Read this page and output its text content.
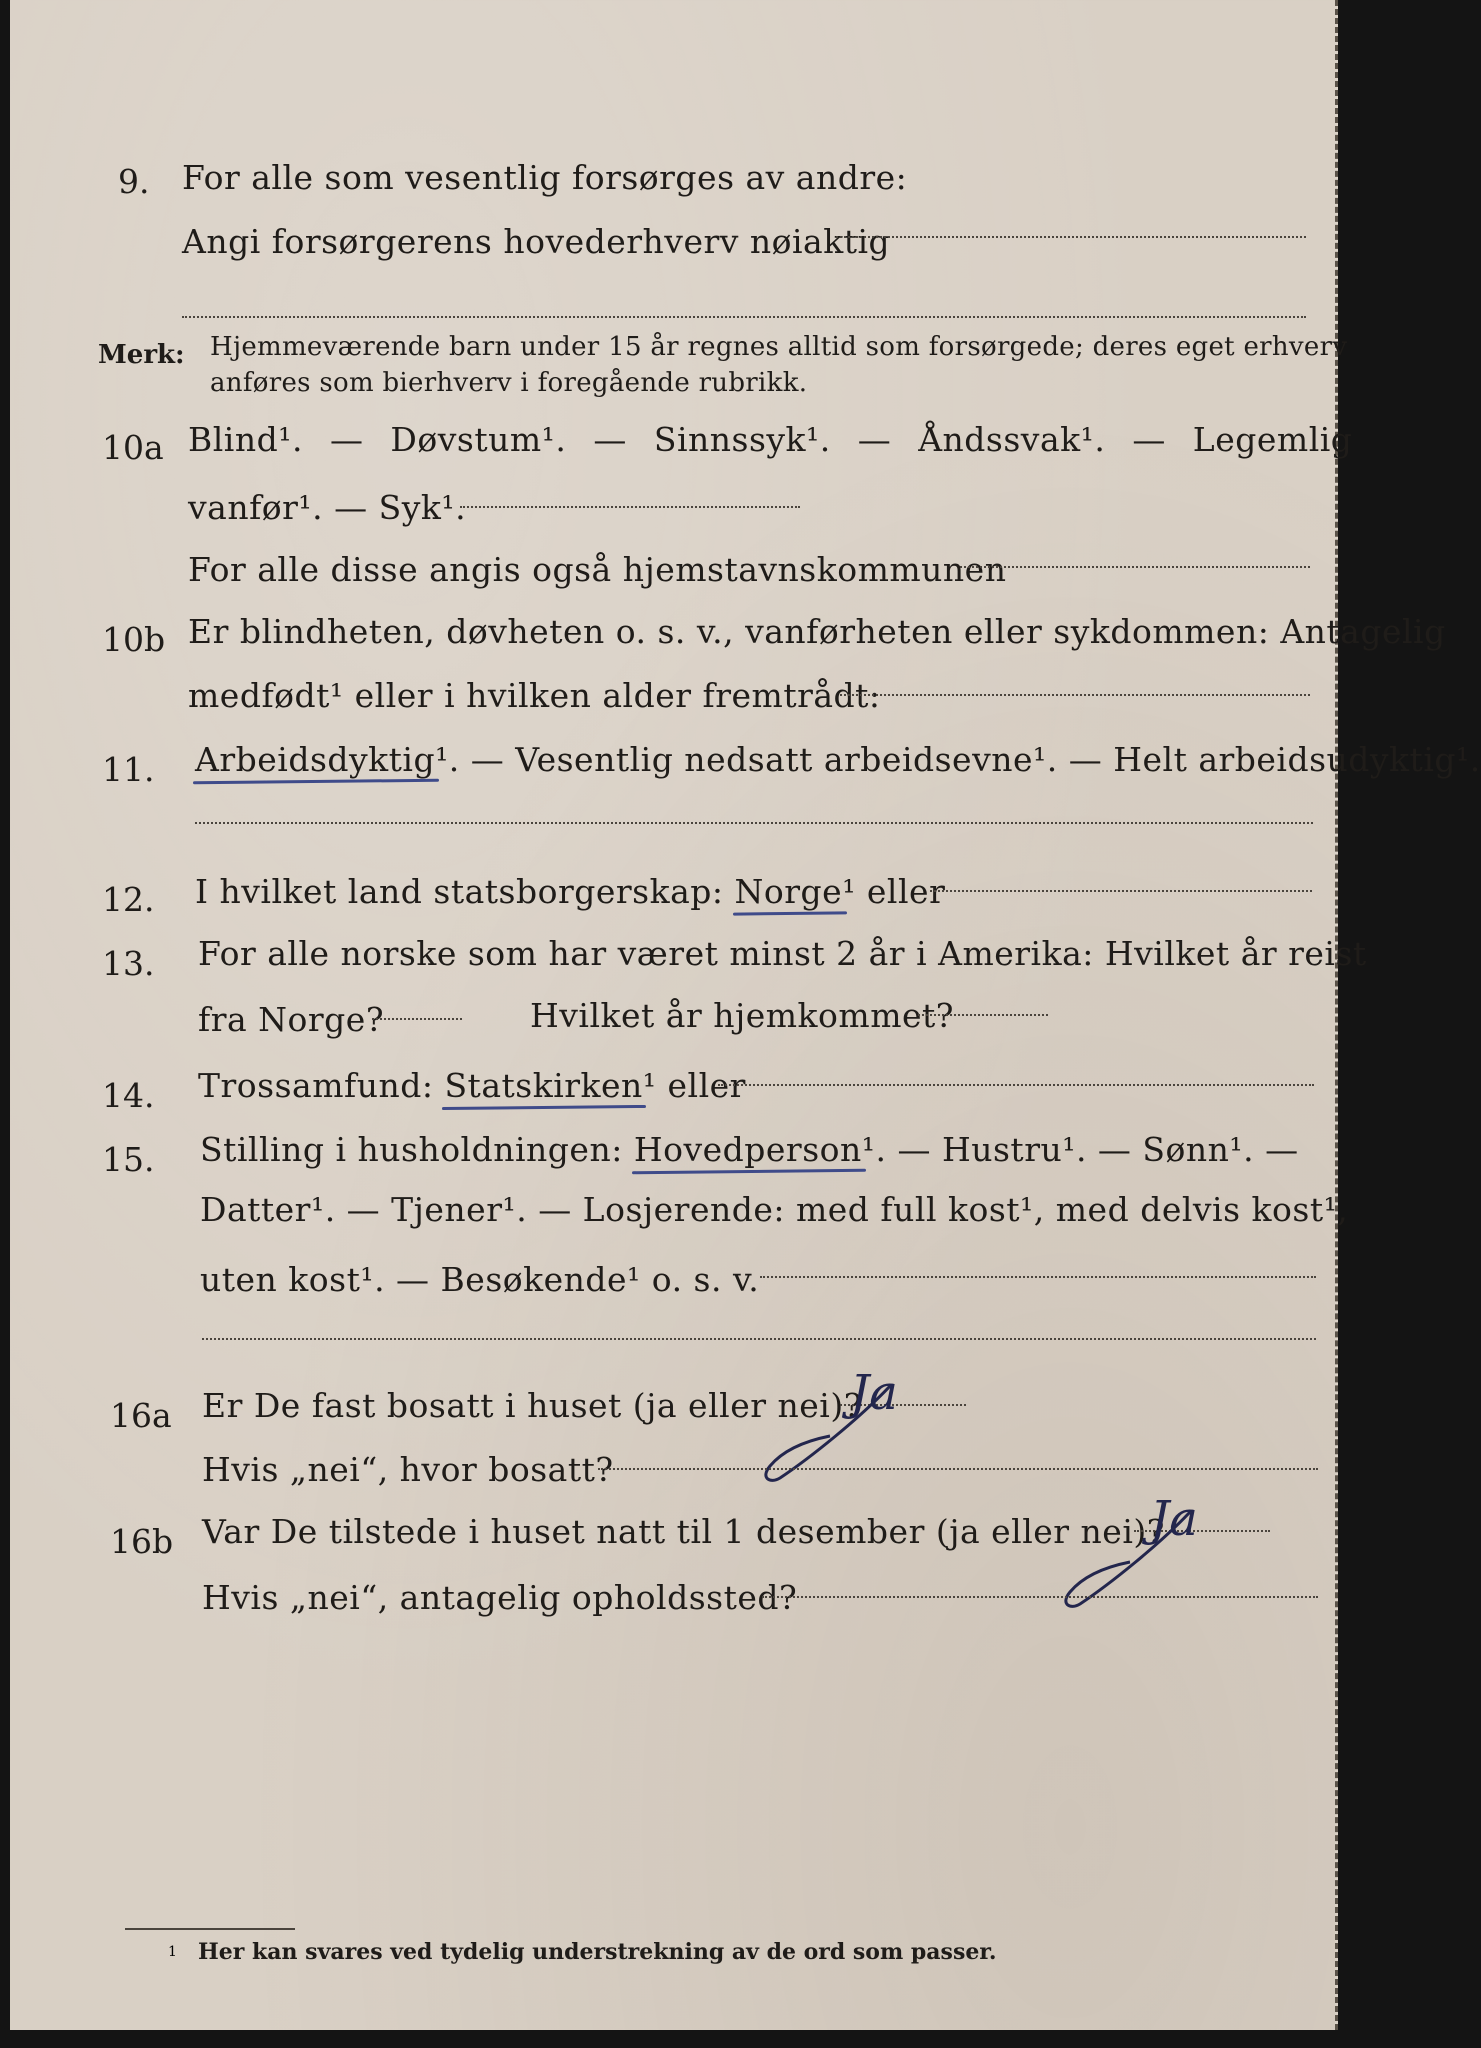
9. For alle som vesentlig forsørges av andre:
Angi forsørgerens hovederhverv nøiaktig
Merk: Hjemmeværende barn under 15 år regnes alltid som forsørgede; deres eget erhverv
anføres som bierhverv i foregående rubrikk.
10a Blind¹. — Døvstum¹. — Sinnssyk¹. — Åndssvak¹. — Legemlig
vanfør¹. — Syk¹.
For alle disse angis også hjemstavnskommunen
10b Er blindheten, døvheten o. s. v., vanførheten eller sykdommen: Antagelig
medfødt¹ eller i hvilken alder fremtrådt:
11. Arbeidsdyktig¹. — Vesentlig nedsatt arbeidsevne¹. — Helt arbeidsudyktig¹.
12. I hvilket land statsborgerskap: Norge¹ eller
13. For alle norske som har været minst 2 år i Amerika: Hvilket år reist
fra Norge?	Hvilket år hjemkommet?
14. Trossamfund: Statskirken¹ eller
15. Stilling i husholdningen: Hovedperson¹. — Hustru¹. — Sønn¹. —
Datter¹. — Tjener¹. — Losjerende: med full kost¹, med delvis kost¹,
uten kost¹. — Besøkende¹ o. s. v.
16a Er De fast bosatt i huset (ja eller nei)?
Ja
Hvis „nei“, hvor bosatt?
16b Var De tilstede i huset natt til 1 desember (ja eller nei)?
Ja
Hvis „nei“, antagelig opholdssted?
1 Her kan svares ved tydelig understrekning av de ord som passer.
